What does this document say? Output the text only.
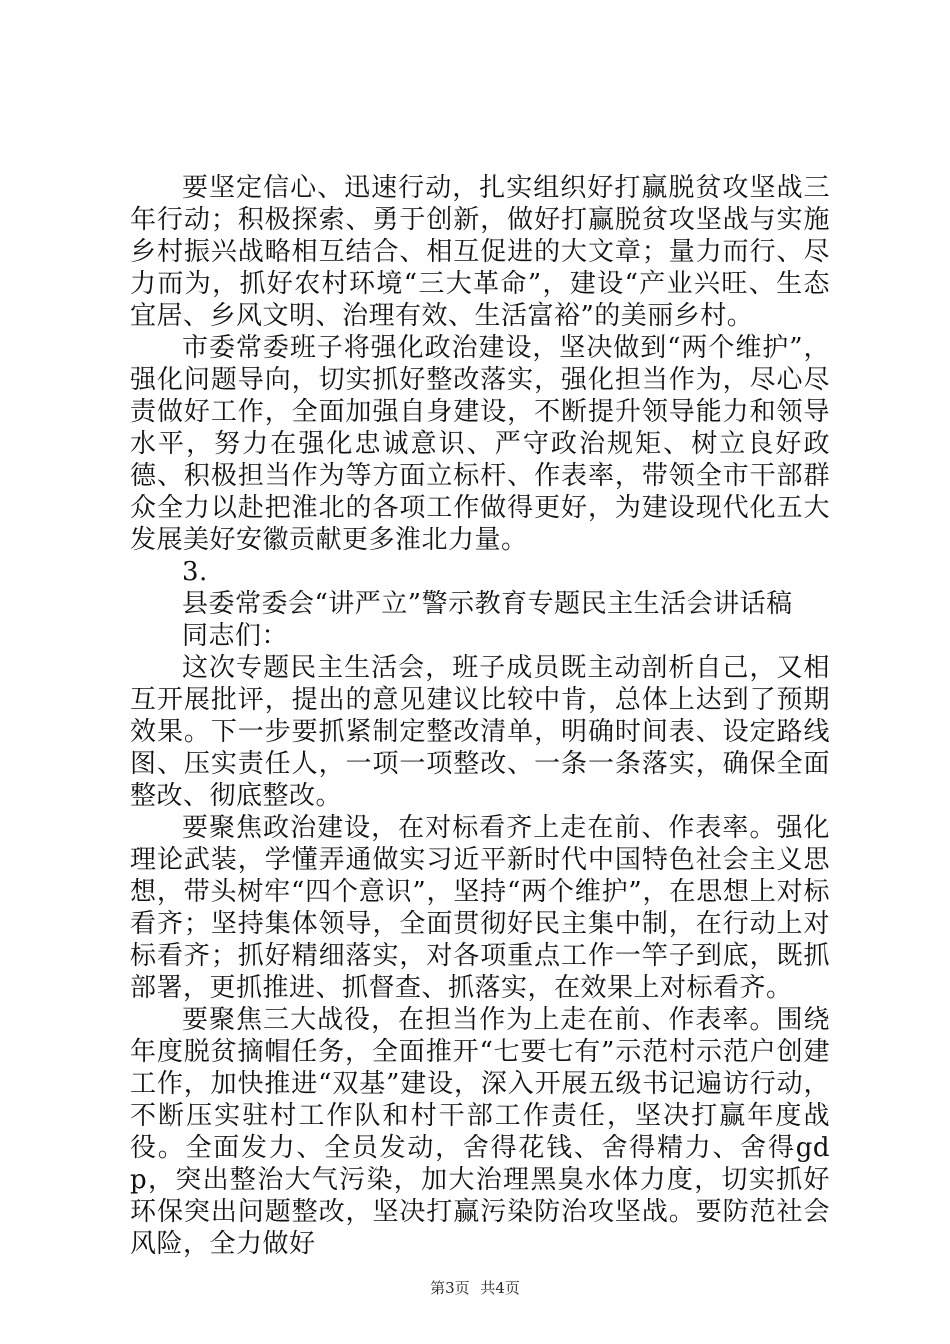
要坚定信心、迅速行动，扎实组织好打赢脱贫攻坚战三年行动；积极探索、勇于创新，做好打赢脱贫攻坚战与实施乡村振兴战略相互结合、相互促进的大文章；量力而行、尽力而为，抓好农村环境“三大革命”，建设“产业兴旺、生态宜居、乡风文明、治理有效、生活富裕”的美丽乡村。

市委常委班子将强化政治建设，坚决做到“两个维护”，强化问题导向，切实抓好整改落实，强化担当作为，尽心尽责做好工作，全面加强自身建设，不断提升领导能力和领导水平，努力在强化忠诚意识、严守政治规矩、树立良好政德、积极担当作为等方面立标杆、作表率，带领全市干部群众全力以赴把淮北的各项工作做得更好，为建设现代化五大发展美好安徽贡献更多淮北力量。

3.

县委常委会“讲严立”警示教育专题民主生活会讲话稿

同志们：

这次专题民主生活会，班子成员既主动剖析自己，又相互开展批评，提出的意见建议比较中肯，总体上达到了预期效果。下一步要抓紧制定整改清单，明确时间表、设定路线图、压实责任人，一项一项整改、一条一条落实，确保全面整改、彻底整改。

要聚焦政治建设，在对标看齐上走在前、作表率。强化理论武装，学懂弄通做实习近平新时代中国特色社会主义思想，带头树牢“四个意识”，坚持“两个维护”，在思想上对标看齐；坚持集体领导，全面贯彻好民主集中制，在行动上对标看齐；抓好精细落实，对各项重点工作一竿子到底，既抓部署，更抓推进、抓督查、抓落实，在效果上对标看齐。

要聚焦三大战役，在担当作为上走在前、作表率。围绕年度脱贫摘帽任务，全面推开“七要七有”示范村示范户创建工作，加快推进“双基”建设，深入开展五级书记遍访行动，不断压实驻村工作队和村干部工作责任，坚决打赢年度战役。全面发力、全员发动，舍得花钱、舍得精力、舍得gdp，突出整治大气污染，加大治理黑臭水体力度，切实抓好环保突出问题整改，坚决打赢污染防治攻坚战。要防范社会风险，全力做好

第3页 共4页
